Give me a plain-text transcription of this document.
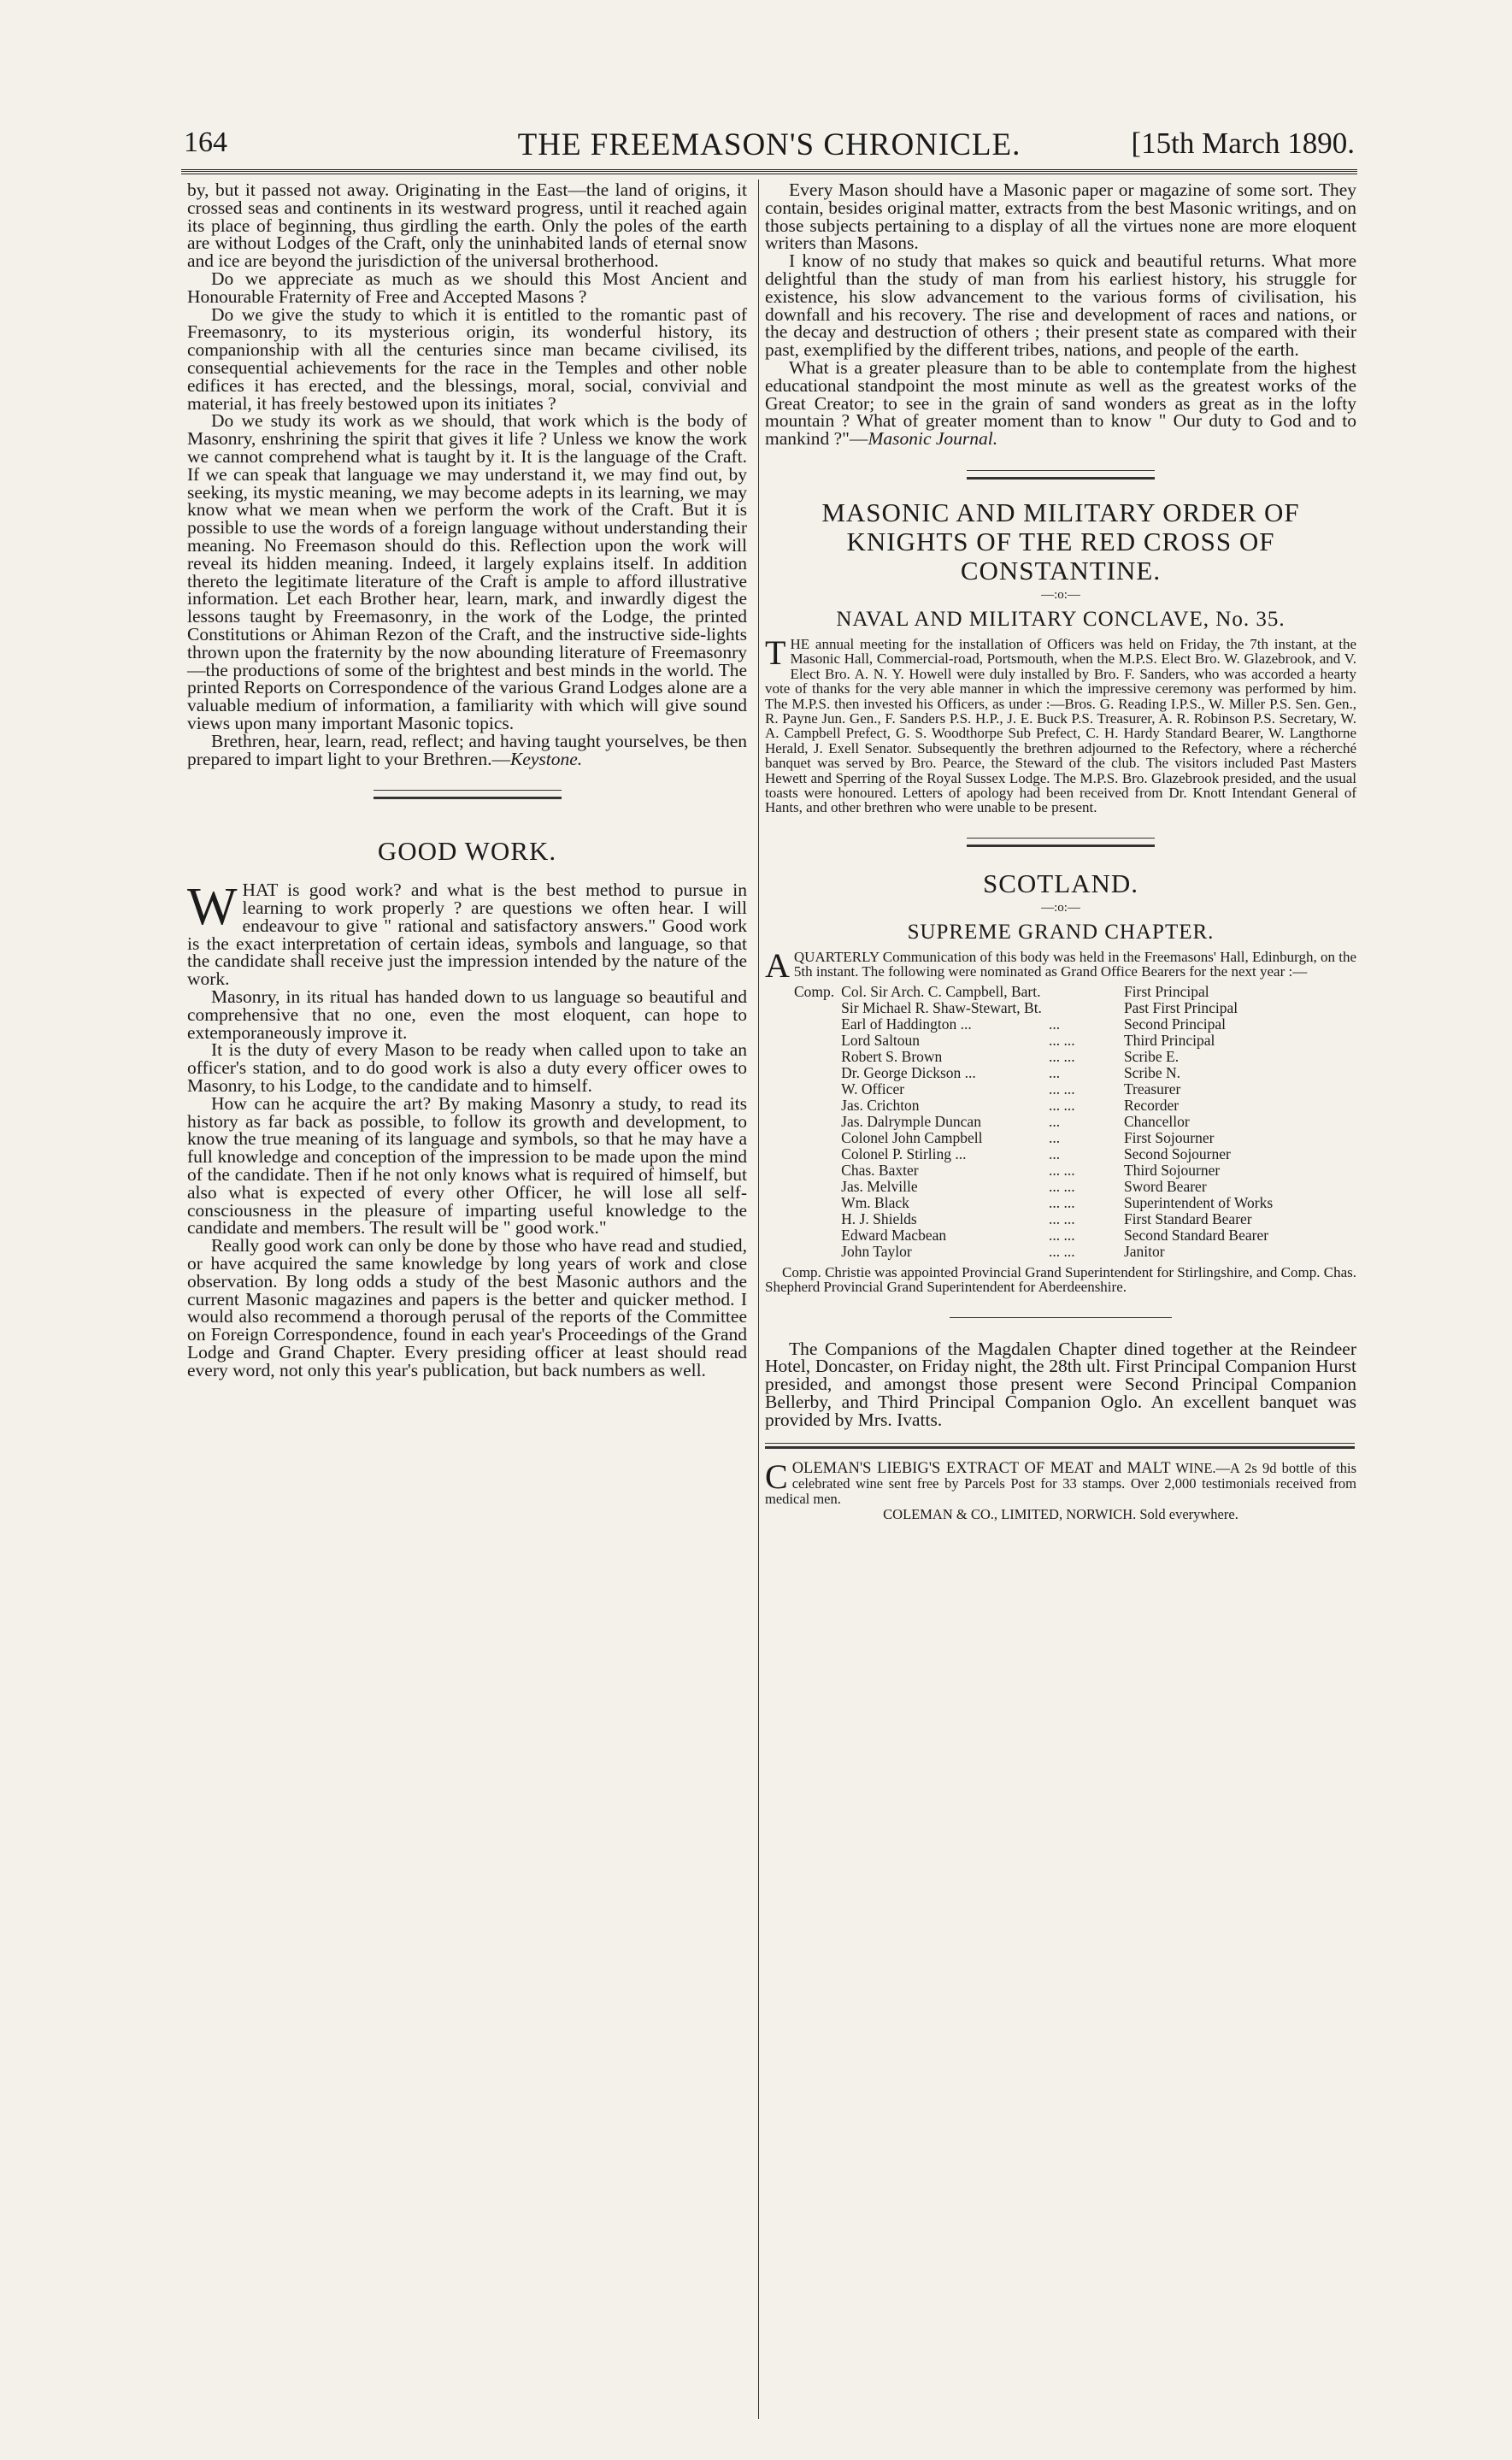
164	THE FREEMASON'S CHRONICLE.	[15th March 1890.

by, but it passed not away. Originating in the East—the land of origins, it crossed seas and continents in its westward progress, until it reached again its place of beginning, thus girdling the earth. Only the poles of the earth are without Lodges of the Craft, only the uninhabited lands of eternal snow and ice are beyond the jurisdiction of the universal brotherhood.

Do we appreciate as much as we should this Most Ancient and Honourable Fraternity of Free and Accepted Masons ?

Do we give the study to which it is entitled to the romantic past of Freemasonry, to its mysterious origin, its wonderful history, its companionship with all the centuries since man became civilised, its consequential achievements for the race in the Temples and other noble edifices it has erected, and the blessings, moral, social, convivial and material, it has freely bestowed upon its initiates ?

Do we study its work as we should, that work which is the body of Masonry, enshrining the spirit that gives it life ? Unless we know the work we cannot comprehend what is taught by it. It is the language of the Craft. If we can speak that language we may understand it, we may find out, by seeking, its mystic meaning, we may become adepts in its learning, we may know what we mean when we perform the work of the Craft. But it is possible to use the words of a foreign language without understanding their meaning. No Freemason should do this. Reflection upon the work will reveal its hidden meaning. Indeed, it largely explains itself. In addition thereto the legitimate literature of the Craft is ample to afford illustrative information. Let each Brother hear, learn, mark, and inwardly digest the lessons taught by Freemasonry, in the work of the Lodge, the printed Constitutions or Ahiman Rezon of the Craft, and the instructive side-lights thrown upon the fraternity by the now abounding literature of Freemasonry—the productions of some of the brightest and best minds in the world. The printed Reports on Correspondence of the various Grand Lodges alone are a valuable medium of information, a familiarity with which will give sound views upon many important Masonic topics.

Brethren, hear, learn, read, reflect; and having taught yourselves, be then prepared to impart light to your Brethren.—Keystone.

GOOD WORK.

WHAT is good work? and what is the best method to pursue in learning to work properly ? are questions we often hear. I will endeavour to give " rational and satisfactory answers." Good work is the exact interpretation of certain ideas, symbols and language, so that the candidate shall receive just the impression intended by the nature of the work.

Masonry, in its ritual has handed down to us language so beautiful and comprehensive that no one, even the most eloquent, can hope to extemporaneously improve it.

It is the duty of every Mason to be ready when called upon to take an officer's station, and to do good work is also a duty every officer owes to Masonry, to his Lodge, to the candidate and to himself.

How can he acquire the art? By making Masonry a study, to read its history as far back as possible, to follow its growth and development, to know the true meaning of its language and symbols, so that he may have a full knowledge and conception of the impression to be made upon the mind of the candidate. Then if he not only knows what is required of himself, but also what is expected of every other Officer, he will lose all self-consciousness in the pleasure of imparting useful knowledge to the candidate and members. The result will be " good work."

Really good work can only be done by those who have read and studied, or have acquired the same knowledge by long years of work and close observation. By long odds a study of the best Masonic authors and the current Masonic magazines and papers is the better and quicker method. I would also recommend a thorough perusal of the reports of the Committee on Foreign Correspondence, found in each year's Proceedings of the Grand Lodge and Grand Chapter. Every presiding officer at least should read every word, not only this year's publication, but back numbers as well.

Every Mason should have a Masonic paper or magazine of some sort. They contain, besides original matter, extracts from the best Masonic writings, and on those subjects pertaining to a display of all the virtues none are more eloquent writers than Masons.

I know of no study that makes so quick and beautiful returns. What more delightful than the study of man from his earliest history, his struggle for existence, his slow advancement to the various forms of civilisation, his downfall and his recovery. The rise and development of races and nations, or the decay and destruction of others ; their present state as compared with their past, exemplified by the different tribes, nations, and people of the earth.

What is a greater pleasure than to be able to contemplate from the highest educational standpoint the most minute as well as the greatest works of the Great Creator; to see in the grain of sand wonders as great as in the lofty mountain ? What of greater moment than to know " Our duty to God and to mankind ?"—Masonic Journal.

MASONIC AND MILITARY ORDER OF KNIGHTS OF THE RED CROSS OF CONSTANTINE.
—:o:—
NAVAL AND MILITARY CONCLAVE, No. 35.

THE annual meeting for the installation of Officers was held on Friday, the 7th instant, at the Masonic Hall, Commercial-road, Portsmouth, when the M.P.S. Elect Bro. W. Glazebrook, and V. Elect Bro. A. N. Y. Howell were duly installed by Bro. F. Sanders, who was accorded a hearty vote of thanks for the very able manner in which the impressive ceremony was performed by him. The M.P.S. then invested his Officers, as under :—Bros. G. Reading I.P.S., W. Miller P.S. Sen. Gen., R. Payne Jun. Gen., F. Sanders P.S. H.P., J. E. Buck P.S. Treasurer, A. R. Robinson P.S. Secretary, W. A. Campbell Prefect, G. S. Woodthorpe Sub Prefect, C. H. Hardy Standard Bearer, W. Langthorne Herald, J. Exell Senator. Subsequently the brethren adjourned to the Refectory, where a récherché banquet was served by Bro. Pearce, the Steward of the club. The visitors included Past Masters Hewett and Sperring of the Royal Sussex Lodge. The M.P.S. Bro. Glazebrook presided, and the usual toasts were honoured. Letters of apology had been received from Dr. Knott Intendant General of Hants, and other brethren who were unable to be present.

SCOTLAND.
—:o:—
SUPREME GRAND CHAPTER.

AQUARTERLY Communication of this body was held in the Freemasons' Hall, Edinburgh, on the 5th instant. The following were nominated as Grand Office Bearers for the next year :—

Comp.	Col. Sir Arch. C. Campbell, Bart.		First Principal
	Sir Michael R. Shaw-Stewart, Bt.		Past First Principal
	Earl of Haddington ...	...	Second Principal
	Lord Saltoun	... ...	Third Principal
	Robert S. Brown	... ...	Scribe E.
	Dr. George Dickson ...	...	Scribe N.
	W. Officer	... ...	Treasurer
	Jas. Crichton	... ...	Recorder
	Jas. Dalrymple Duncan	...	Chancellor
	Colonel John Campbell	...	First Sojourner
	Colonel P. Stirling ...	...	Second Sojourner
	Chas. Baxter	... ...	Third Sojourner
	Jas. Melville	... ...	Sword Bearer
	Wm. Black	... ...	Superintendent of Works
	H. J. Shields	... ...	First Standard Bearer
	Edward Macbean	... ...	Second Standard Bearer
	John Taylor	... ...	Janitor

Comp. Christie was appointed Provincial Grand Superintendent for Stirlingshire, and Comp. Chas. Shepherd Provincial Grand Superintendent for Aberdeenshire.

The Companions of the Magdalen Chapter dined together at the Reindeer Hotel, Doncaster, on Friday night, the 28th ult. First Principal Companion Hurst presided, and amongst those present were Second Principal Companion Bellerby, and Third Principal Companion Oglo. An excellent banquet was provided by Mrs. Ivatts.

COLEMAN'S LIEBIG'S EXTRACT OF MEAT and MALT WINE.—A 2s 9d bottle of this celebrated wine sent free by Parcels Post for 33 stamps. Over 2,000 testimonials received from medical men.

COLEMAN & CO., LIMITED, NORWICH. Sold everywhere.
